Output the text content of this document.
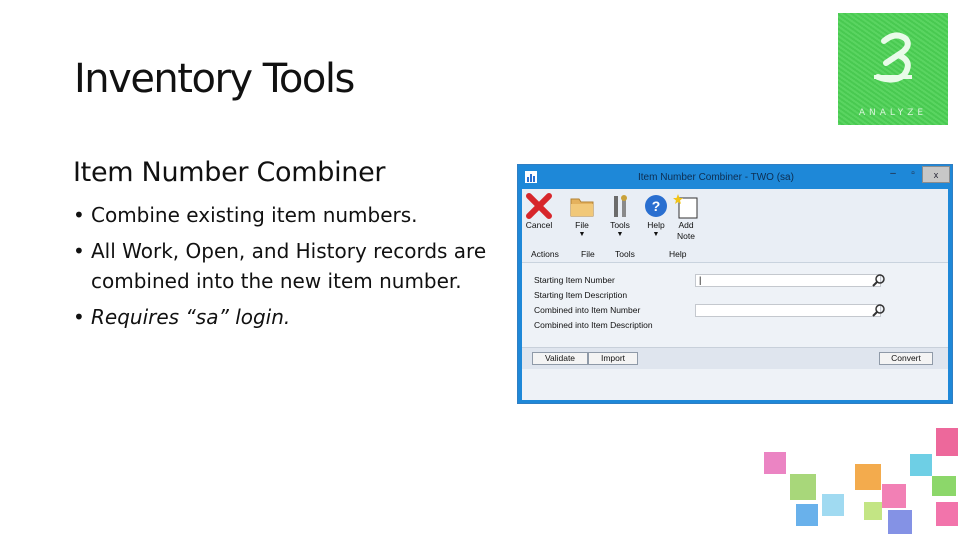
Inventory Tools
Item Number Combiner
• Combine existing item numbers.
• All Work, Open, and History records are combined into the new item number.
• Requires “sa” login.
ANALYZE
Item Number Combiner - TWO (sa)	–	▫	x
Cancel	File
▼
Tools
▼
?
Help
▼
Add
Note
Actions	File Tools	Help
Starting Item Number	|
Starting Item Description
Combined into Item Number
Combined into Item Description
Validate	Import	Convert
